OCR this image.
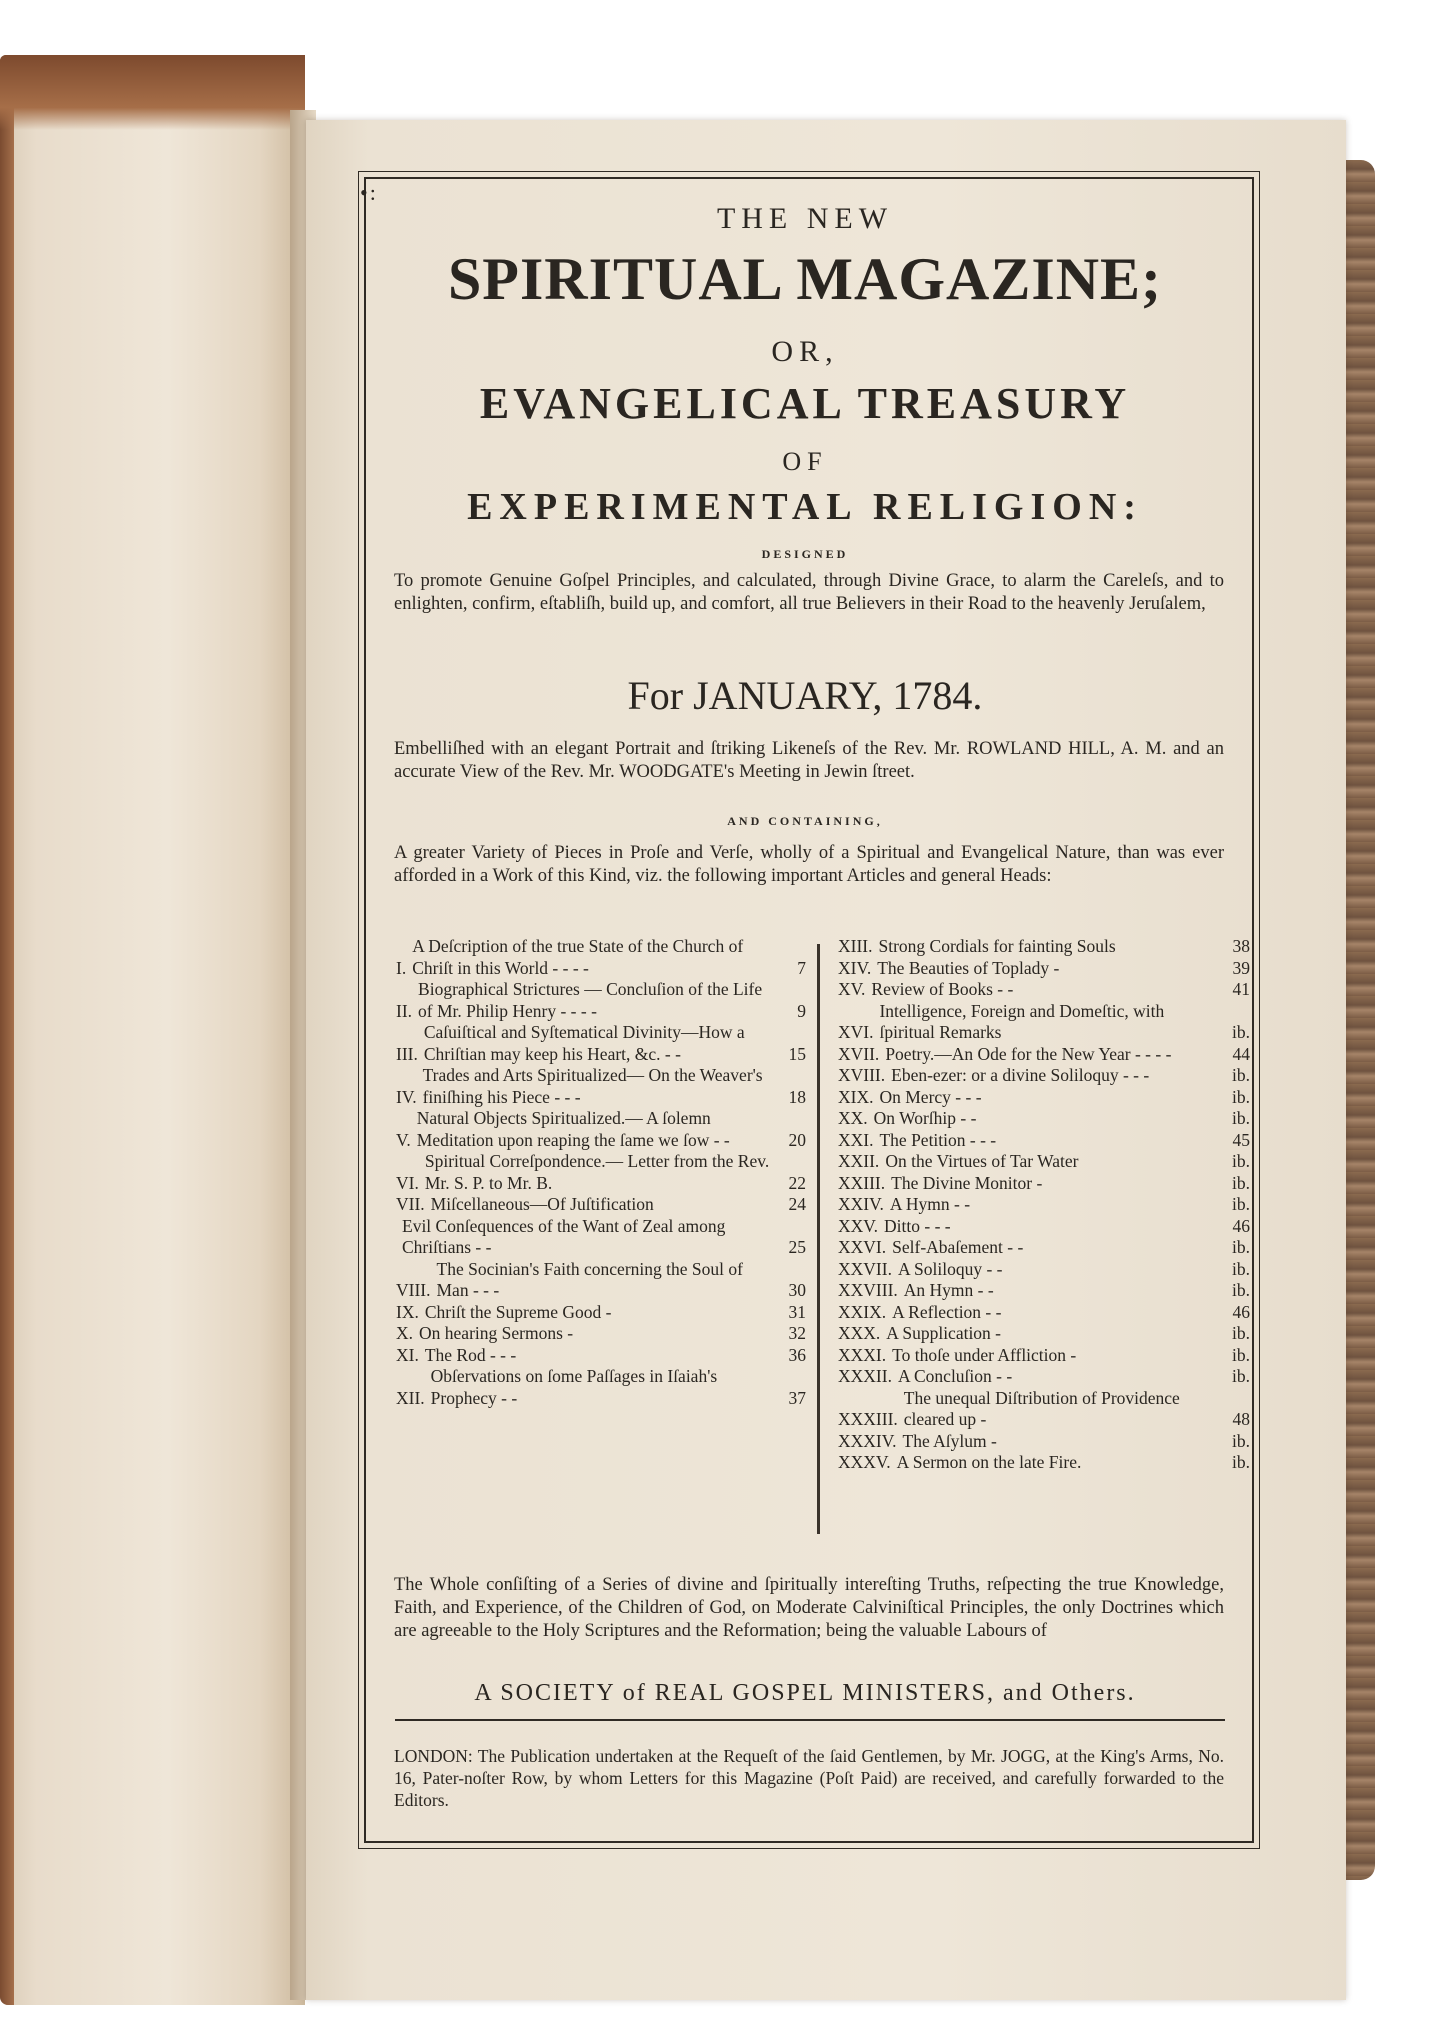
•:
THE NEW
SPIRITUAL MAGAZINE;
OR,
EVANGELICAL TREASURY
OF
EXPERIMENTAL RELIGION:
DESIGNED
To promote Genuine Goſpel Principles, and calculated, through Divine Grace, to alarm the Careleſs, and to enlighten, confirm, eſtabliſh, build up, and comfort, all true Believers in their Road to the heavenly Jeruſalem,
For JANUARY, 1784.
Embelliſhed with an elegant Portrait and ſtriking Likeneſs of the Rev. Mr. ROWLAND HILL, A. M. and an accurate View of the Rev. Mr. WOODGATE's Meeting in Jewin ſtreet.
AND CONTAINING,
A greater Variety of Pieces in Proſe and Verſe, wholly of a Spiritual and Evangelical Nature, than was ever afforded in a Work of this Kind, viz. the following important Articles and general Heads:
I.
A Deſcription of the true State of the Church of Chriſt in this World - - - -	7
II.
Biographical Strictures — Concluſion of the Life of Mr. Philip Henry - - - -	9
III.
Caſuiſtical and Syſtematical Divinity—How a Chriſtian may keep his Heart, &c. - -	15
IV.
Trades and Arts Spiritualized— On the Weaver's finiſhing his Piece - - -	18
V.
Natural Objects Spiritualized.— A ſolemn Meditation upon reaping the ſame we ſow - -	20
VI.
Spiritual Correſpondence.— Letter from the Rev. Mr. S. P. to Mr. B.	22
VII. Miſcellaneous—Of Juſtification	24
Evil Conſequences of the Want of Zeal among Chriſtians - -	25
VIII.
The Socinian's Faith concerning the Soul of Man - - -	30
IX. Chriſt the Supreme Good -	31
X. On hearing Sermons -	32
XI. The Rod - - -	36
XII.
Obſervations on ſome Paſſages in Iſaiah's Prophecy - -	37
XIII. Strong Cordials for fainting Souls	38
XIV. The Beauties of Toplady -	39
XV. Review of Books - -	41
XVI.
Intelligence, Foreign and Domeſtic, with ſpiritual Remarks	ib.
XVII. Poetry.—An Ode for the New Year - - - -	44
XVIII. Eben-ezer: or a divine Soliloquy - - -	ib.
XIX. On Mercy - - -	ib.
XX. On Worſhip - -	ib.
XXI. The Petition - - -	45
XXII. On the Virtues of Tar Water	ib.
XXIII. The Divine Monitor -	ib.
XXIV. A Hymn - -	ib.
XXV. Ditto - - -	46
XXVI. Self-Abaſement - -	ib.
XXVII. A Soliloquy - -	ib.
XXVIII. An Hymn - -	ib.
XXIX. A Reflection - -	46
XXX. A Supplication -	ib.
XXXI. To thoſe under Affliction -	ib.
XXXII. A Concluſion - -	ib.
XXXIII.
The unequal Diſtribution of Providence cleared up -	48
XXXIV. The Aſylum -	ib.
XXXV. A Sermon on the late Fire.	ib.
The Whole conſiſting of a Series of divine and ſpiritually intereſting Truths, reſpecting the true Knowledge, Faith, and Experience, of the Children of God, on Moderate Calviniſtical Principles, the only Doctrines which are agreeable to the Holy Scriptures and the Reformation; being the valuable Labours of
A SOCIETY of REAL GOSPEL MINISTERS, and Others.
LONDON: The Publication undertaken at the Requeſt of the ſaid Gentlemen, by Mr. JOGG, at the King's Arms, No. 16, Pater-noſter Row, by whom Letters for this Magazine (Poſt Paid) are received, and carefully forwarded to the Editors.
